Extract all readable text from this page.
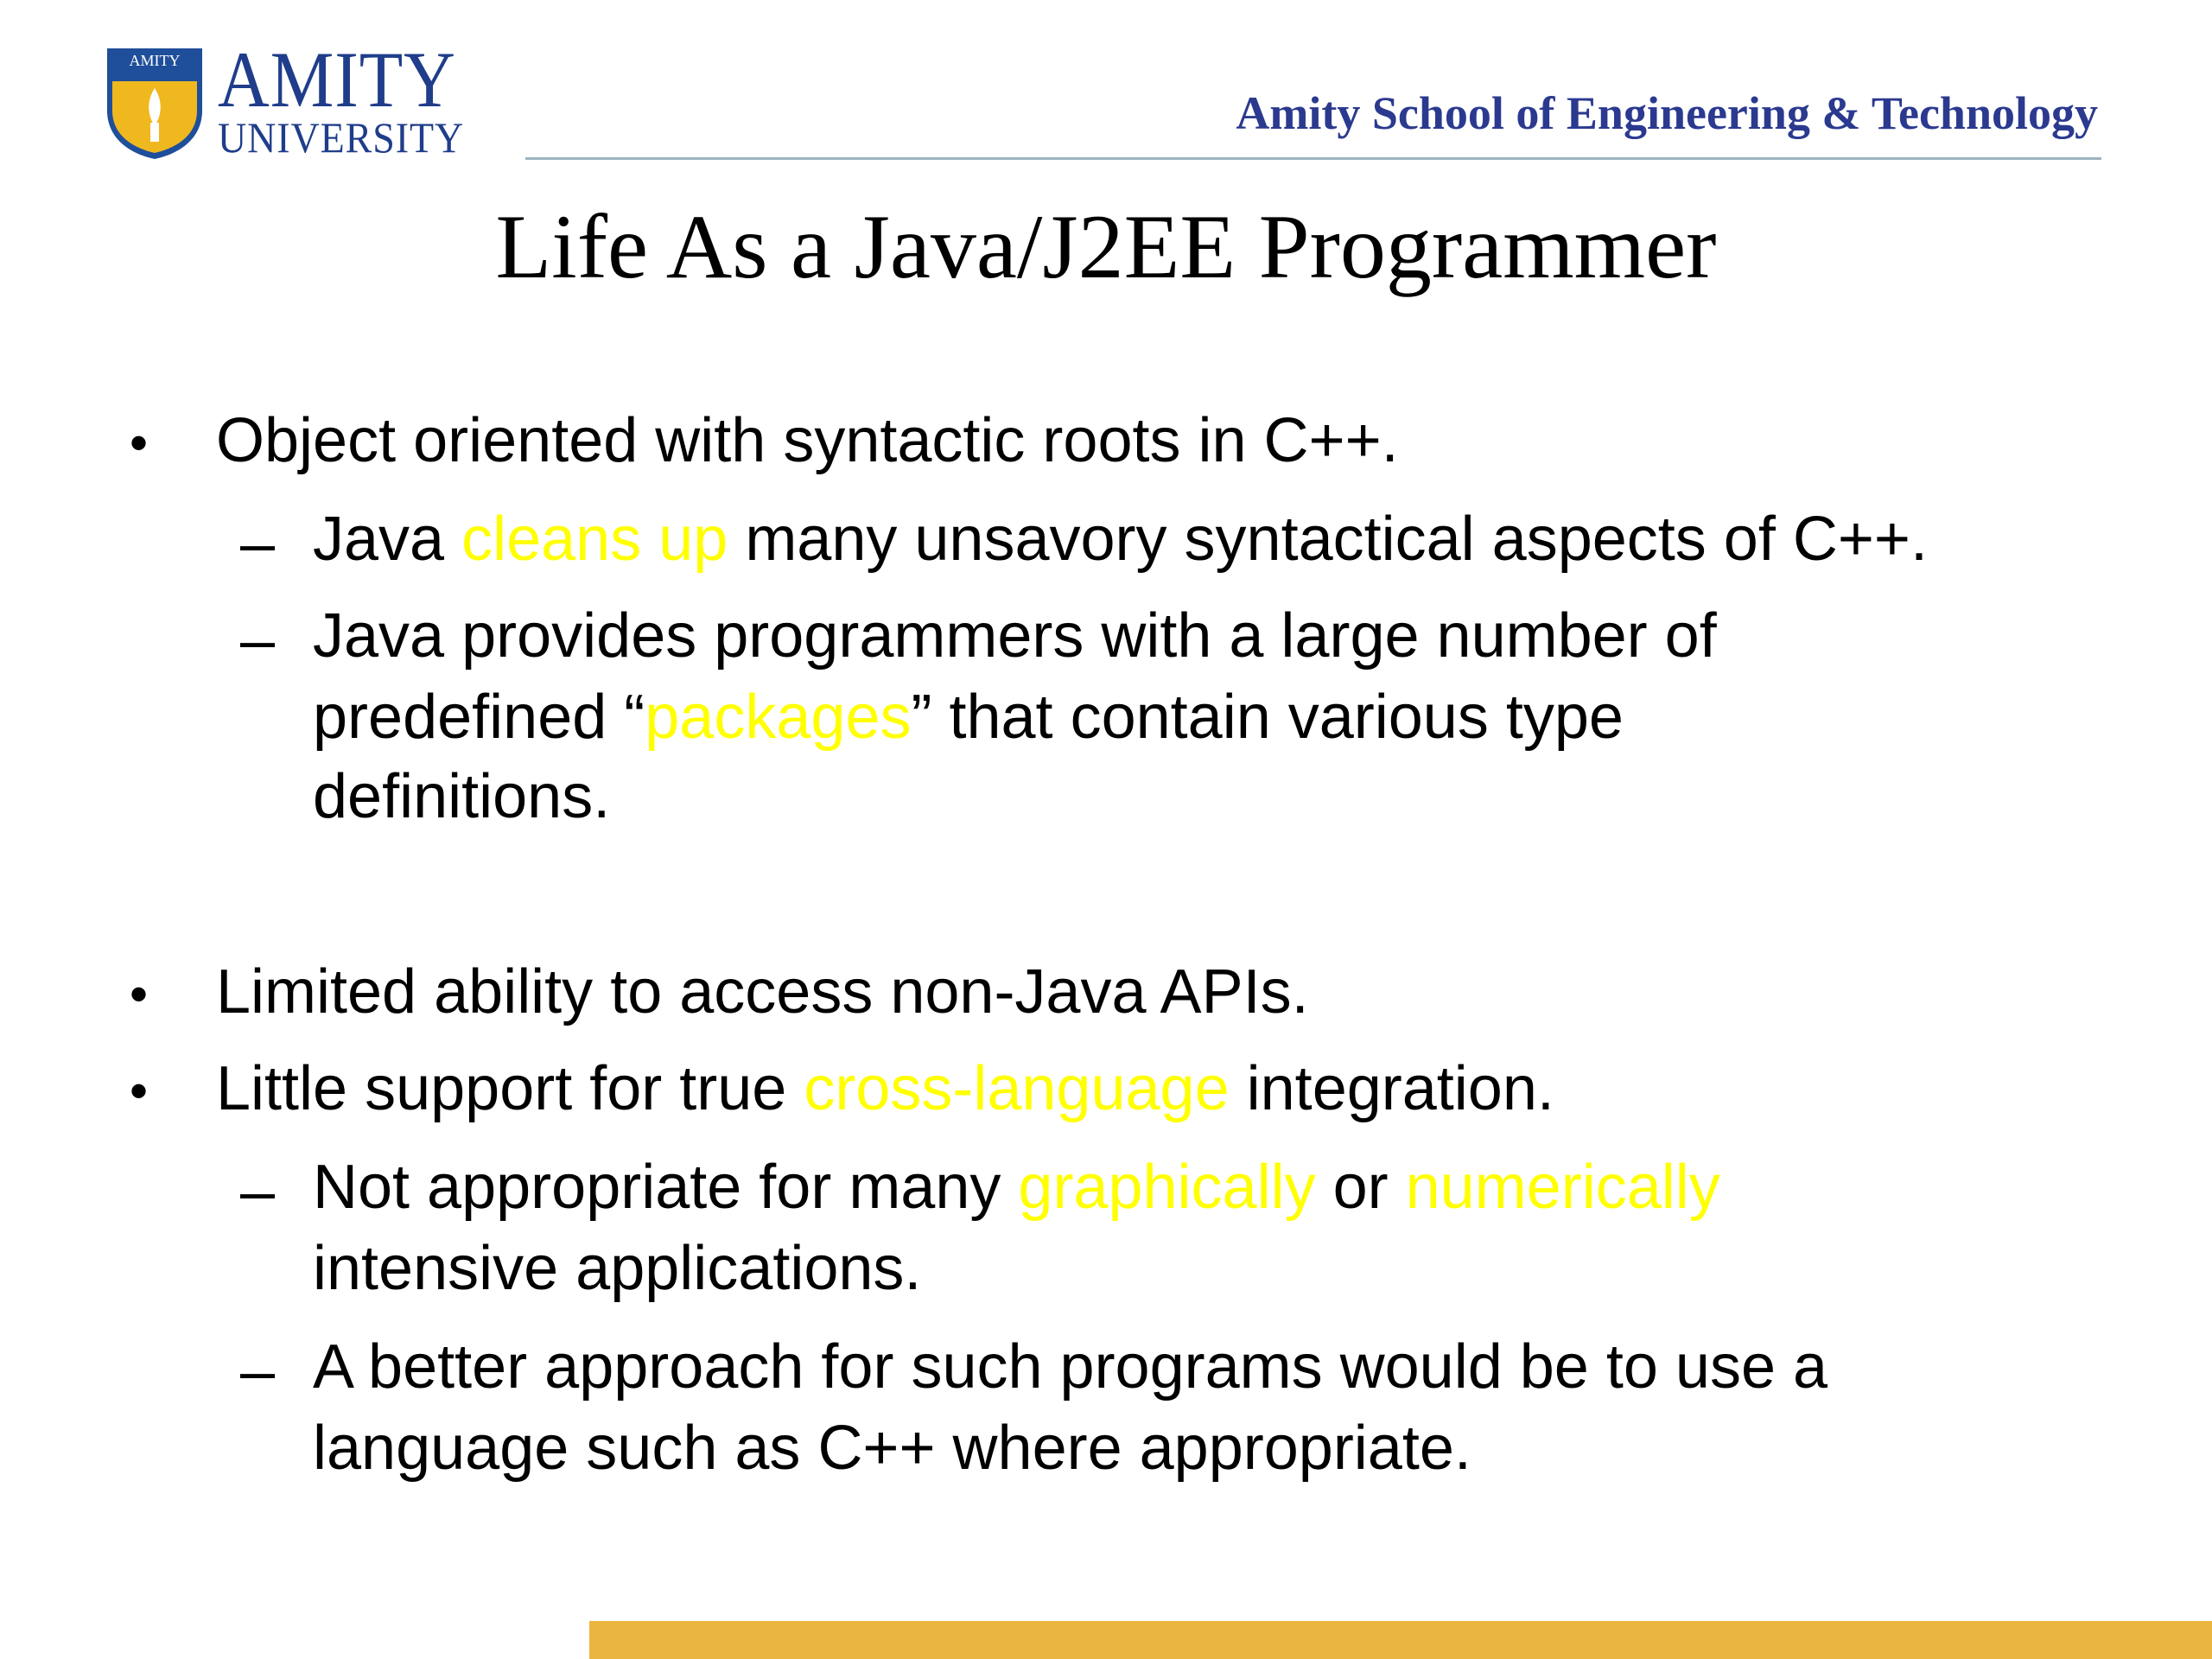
AMITY AMITY
UNIVERSITY	Amity School of Engineering & Technology
Life As a Java/J2EE Programmer
• Object oriented with syntactic roots in C++.
– Java cleans up many unsavory syntactical aspects of C++.
– Java provides programmers with a large number of
predefined “packages” that contain various type
definitions.
• Limited ability to access non-Java APIs.
• Little support for true cross-language integration.
– Not appropriate for many graphically or numerically
intensive applications.
– A better approach for such programs would be to use a
language such as C++ where appropriate.
